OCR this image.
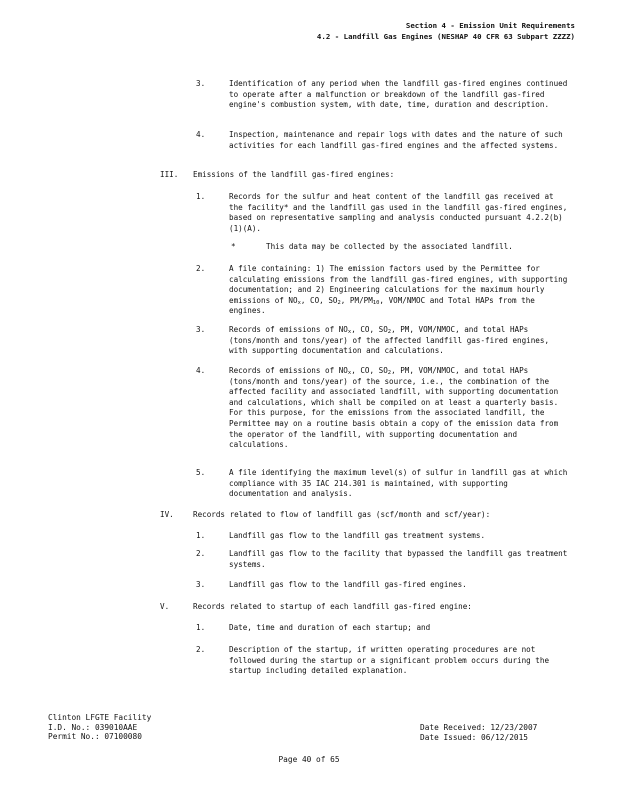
Section 4 - Emission Unit Requirements
4.2 - Landfill Gas Engines (NESHAP 40 CFR 63 Subpart ZZZZ)
3.	Identification of any period when the landfill gas-fired engines continued to operate after a malfunction or breakdown of the landfill gas-fired engine's combustion system, with date, time, duration and description.

4.	Inspection, maintenance and repair logs with dates and the nature of such activities for each landfill gas-fired engines and the affected systems.

III. Emissions of the landfill gas-fired engines:

1.	Records for the sulfur and heat content of the landfill gas received at the facility* and the landfill gas used in the landfill gas-fired engines, based on representative sampling and analysis conducted pursuant 4.2.2(b)(1)(A).

*	This data may be collected by the associated landfill.

2.	A file containing: 1) The emission factors used by the Permittee for calculating emissions from the landfill gas-fired engines, with supporting documentation; and 2) Engineering calculations for the maximum hourly emissions of $NO_x$, CO, $SO_2$, $PM/PM_{10}$, VOM/NMOC and Total HAPs from the engines.

3.	Records of emissions of $NO_x$, CO, $SO_2$, PM, VOM/NMOC, and total HAPs (tons/month and tons/year) of the affected landfill gas-fired engines, with supporting documentation and calculations.

4.	Records of emissions of $NO_x$, CO, $SO_2$, PM, VOM/NMOC, and total HAPs (tons/month and tons/year) of the source, i.e., the combination of the affected facility and associated landfill, with supporting documentation and calculations, which shall be compiled on at least a quarterly basis. For this purpose, for the emissions from the associated landfill, the Permittee may on a routine basis obtain a copy of the emission data from the operator of the landfill, with supporting documentation and calculations.

5.	A file identifying the maximum level(s) of sulfur in landfill gas at which compliance with 35 IAC 214.301 is maintained, with supporting documentation and analysis.

IV.	Records related to flow of landfill gas (scf/month and scf/year):

1.	Landfill gas flow to the landfill gas treatment systems.

2.	Landfill gas flow to the facility that bypassed the landfill gas treatment systems.

3.	Landfill gas flow to the landfill gas-fired engines.

V.	Records related to startup of each landfill gas-fired engine:

1.	Date, time and duration of each startup; and

2.	Description of the startup, if written operating procedures are not followed during the startup or a significant problem occurs during the startup including detailed explanation.

Clinton LFGTE Facility
I.D. No.: 039010AAE
Permit No.: 07100080
Date Received: 12/23/2007
Date Issued: 06/12/2015
Page 40 of 65
